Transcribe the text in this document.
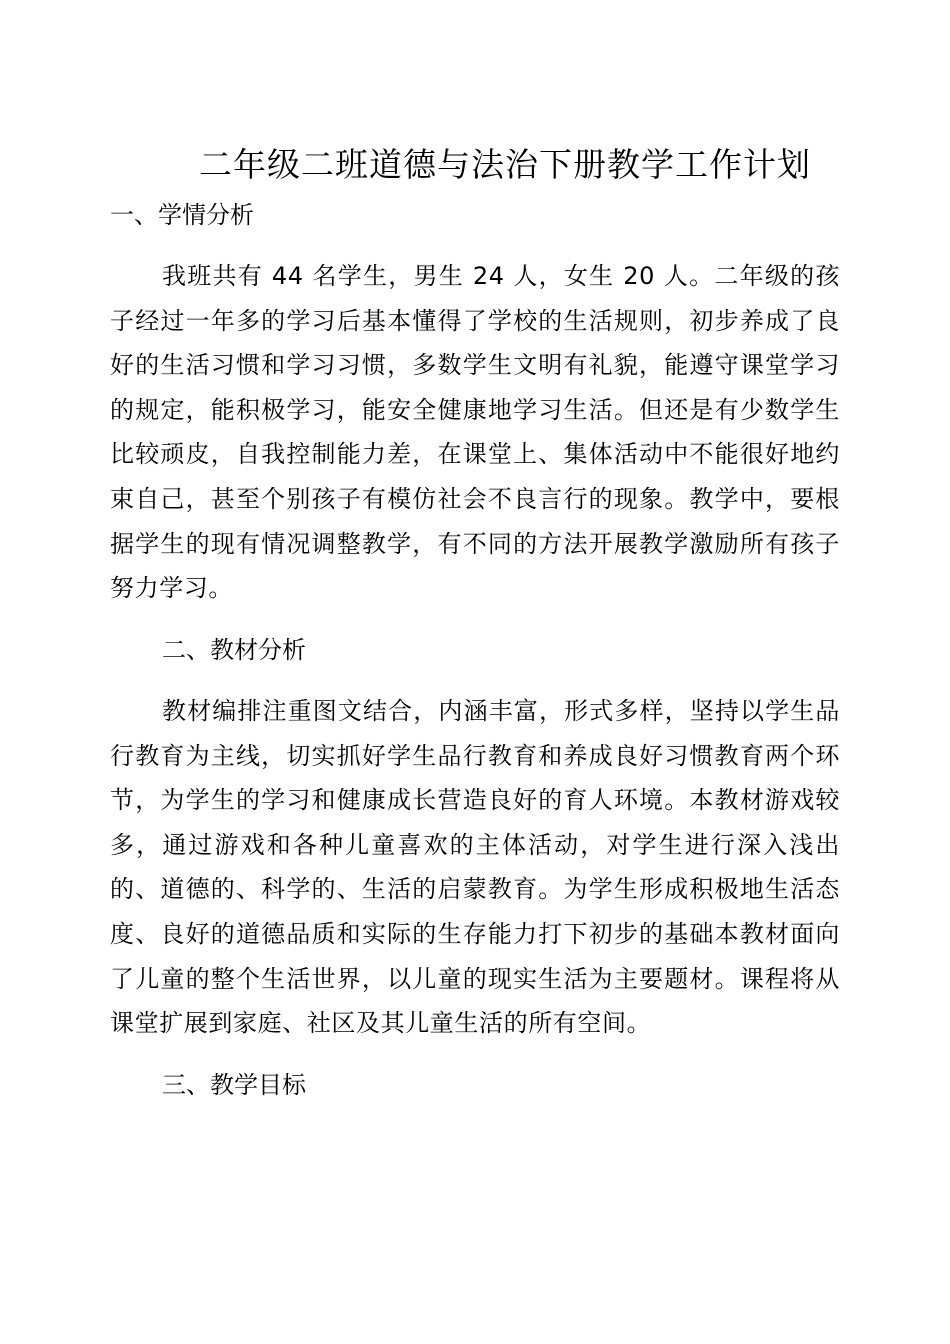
二年级二班道德与法治下册教学工作计划
一、学情分析

我班共有 44 名学生，男生 24 人，女生 20 人。二年级的孩子经过一年多的学习后基本懂得了学校的生活规则，初步养成了良好的生活习惯和学习习惯，多数学生文明有礼貌，能遵守课堂学习的规定，能积极学习，能安全健康地学习生活。但还是有少数学生比较顽皮，自我控制能力差，在课堂上、集体活动中不能很好地约束自己，甚至个别孩子有模仿社会不良言行的现象。教学中，要根据学生的现有情况调整教学，有不同的方法开展教学激励所有孩子努力学习。

二、教材分析

教材编排注重图文结合，内涵丰富，形式多样，坚持以学生品行教育为主线，切实抓好学生品行教育和养成良好习惯教育两个环节，为学生的学习和健康成长营造良好的育人环境。本教材游戏较多，通过游戏和各种儿童喜欢的主体活动，对学生进行深入浅出的、道德的、科学的、生活的启蒙教育。为学生形成积极地生活态度、良好的道德品质和实际的生存能力打下初步的基础本教材面向了儿童的整个生活世界，以儿童的现实生活为主要题材。课程将从课堂扩展到家庭、社区及其儿童生活的所有空间。

三、教学目标
